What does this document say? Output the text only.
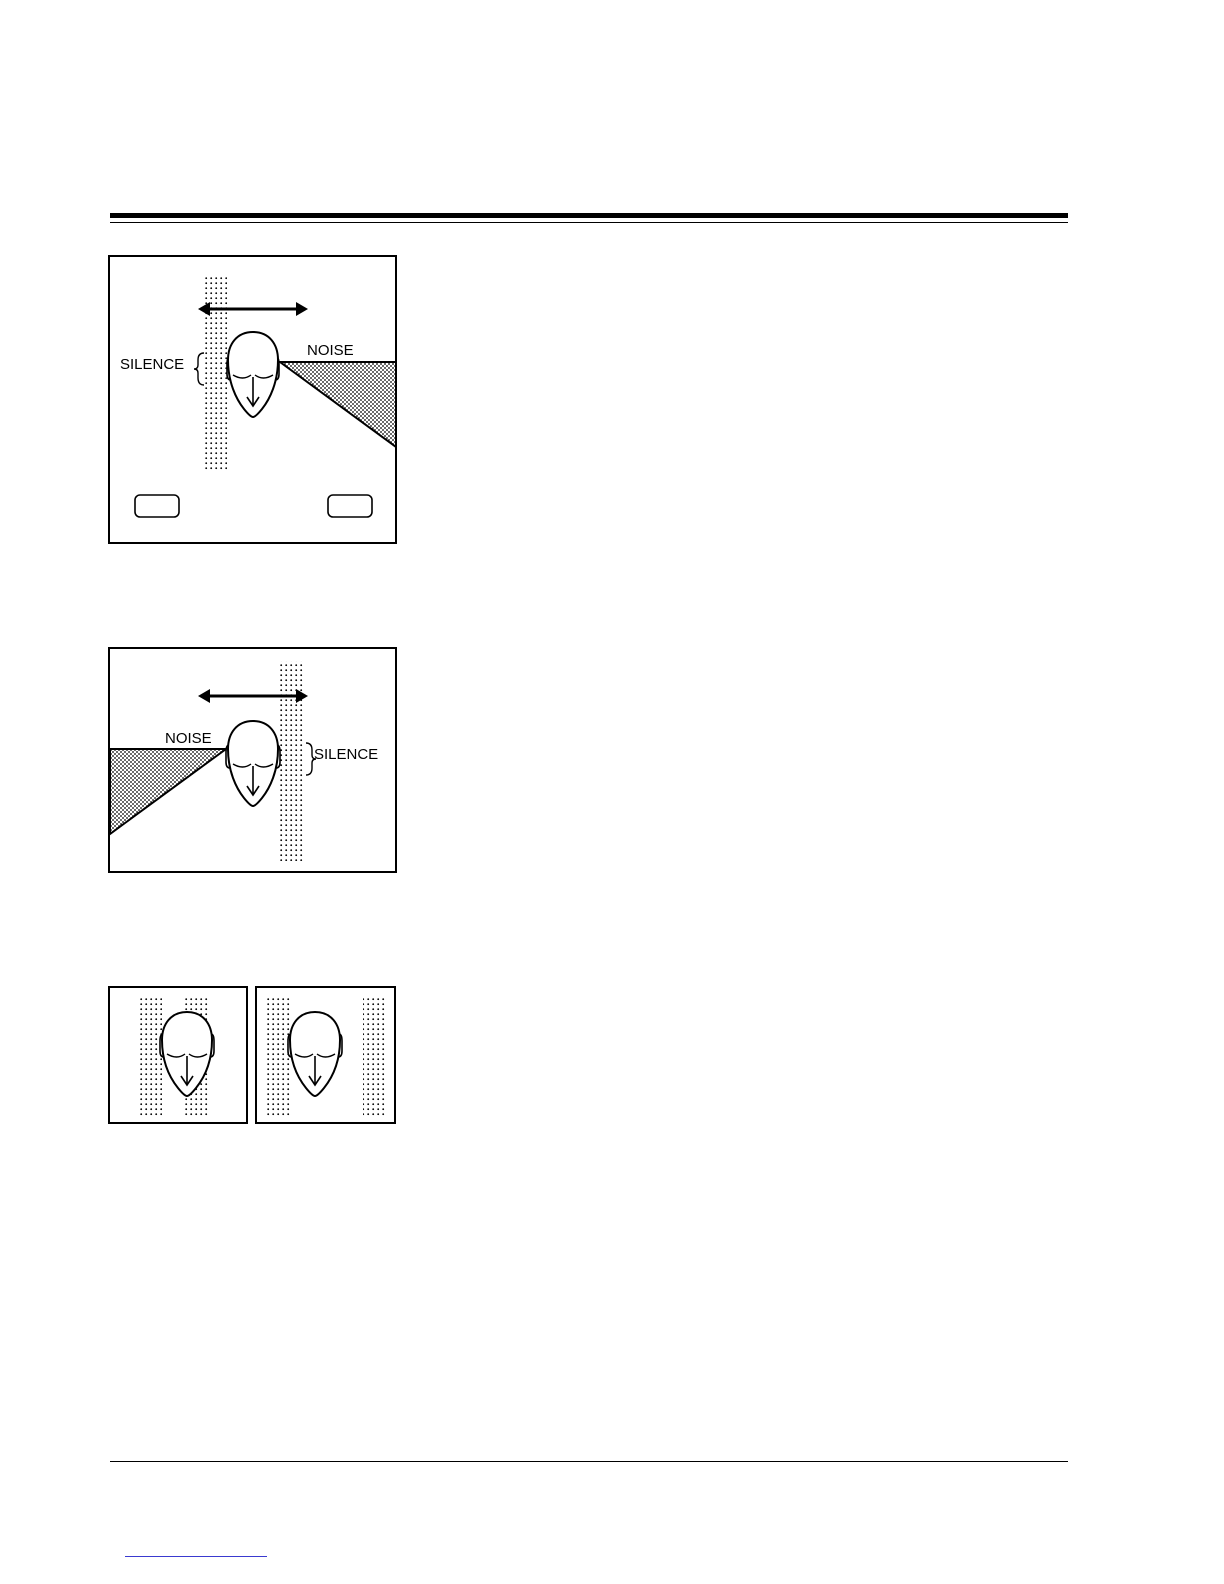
NOISE
SILENCE
NOISE
SILENCE
